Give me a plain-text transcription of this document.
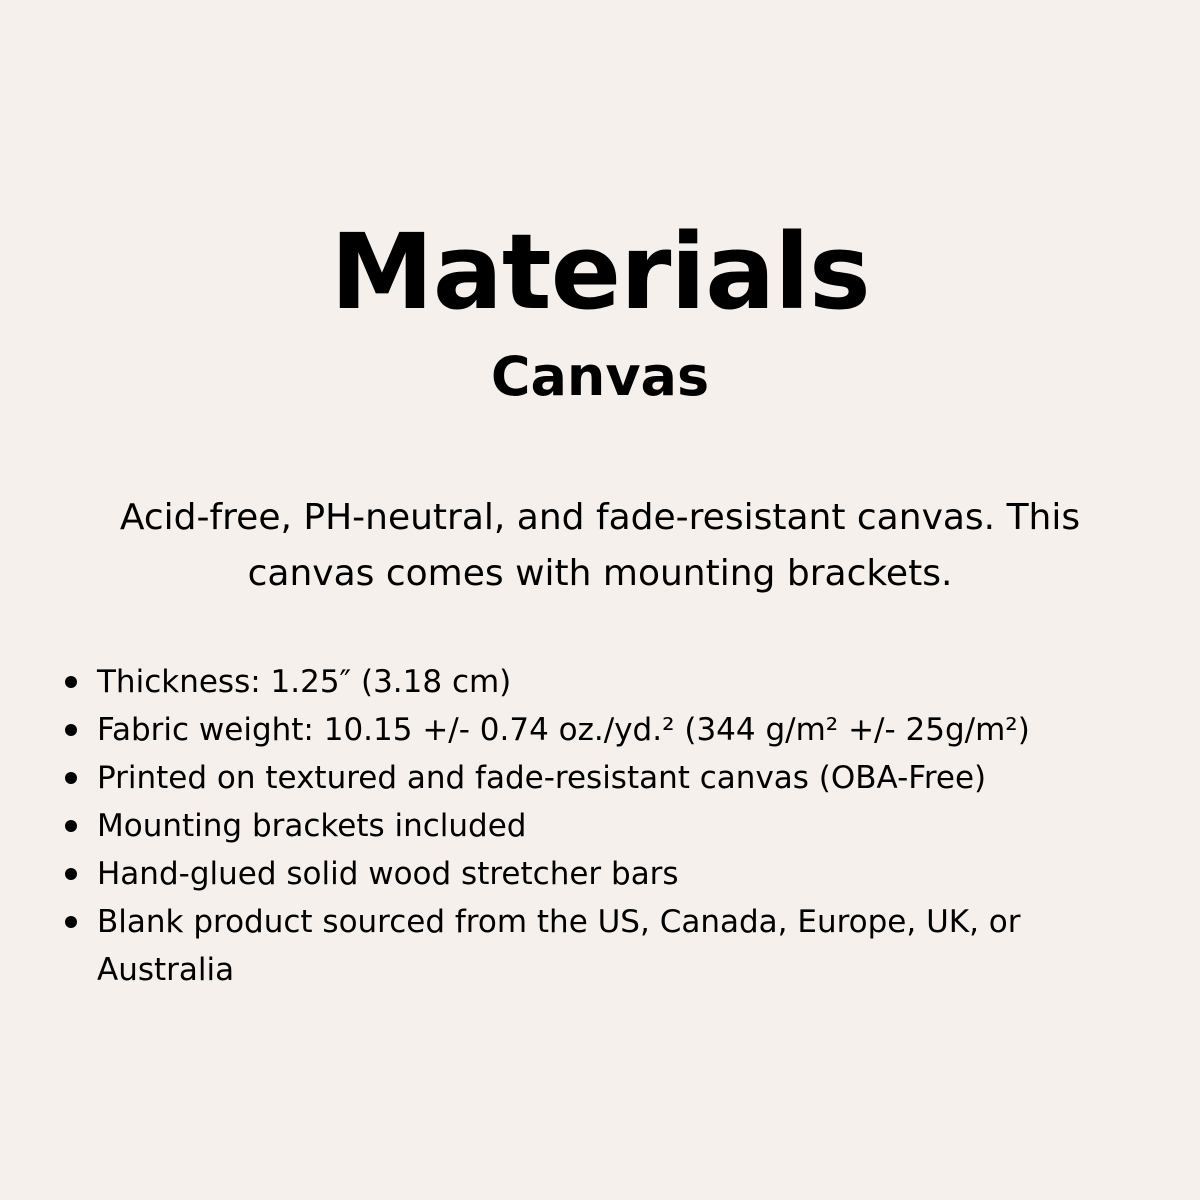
Materials
Canvas

Acid-free, PH-neutral, and fade-resistant canvas. This canvas comes with mounting brackets.

Thickness: 1.25″ (3.18 cm)
Fabric weight: 10.15 +/- 0.74 oz./yd.² (344 g/m² +/- 25g/m²)
Printed on textured and fade-resistant canvas (OBA-Free)
Mounting brackets included
Hand-glued solid wood stretcher bars
Blank product sourced from the US, Canada, Europe, UK, or Australia
